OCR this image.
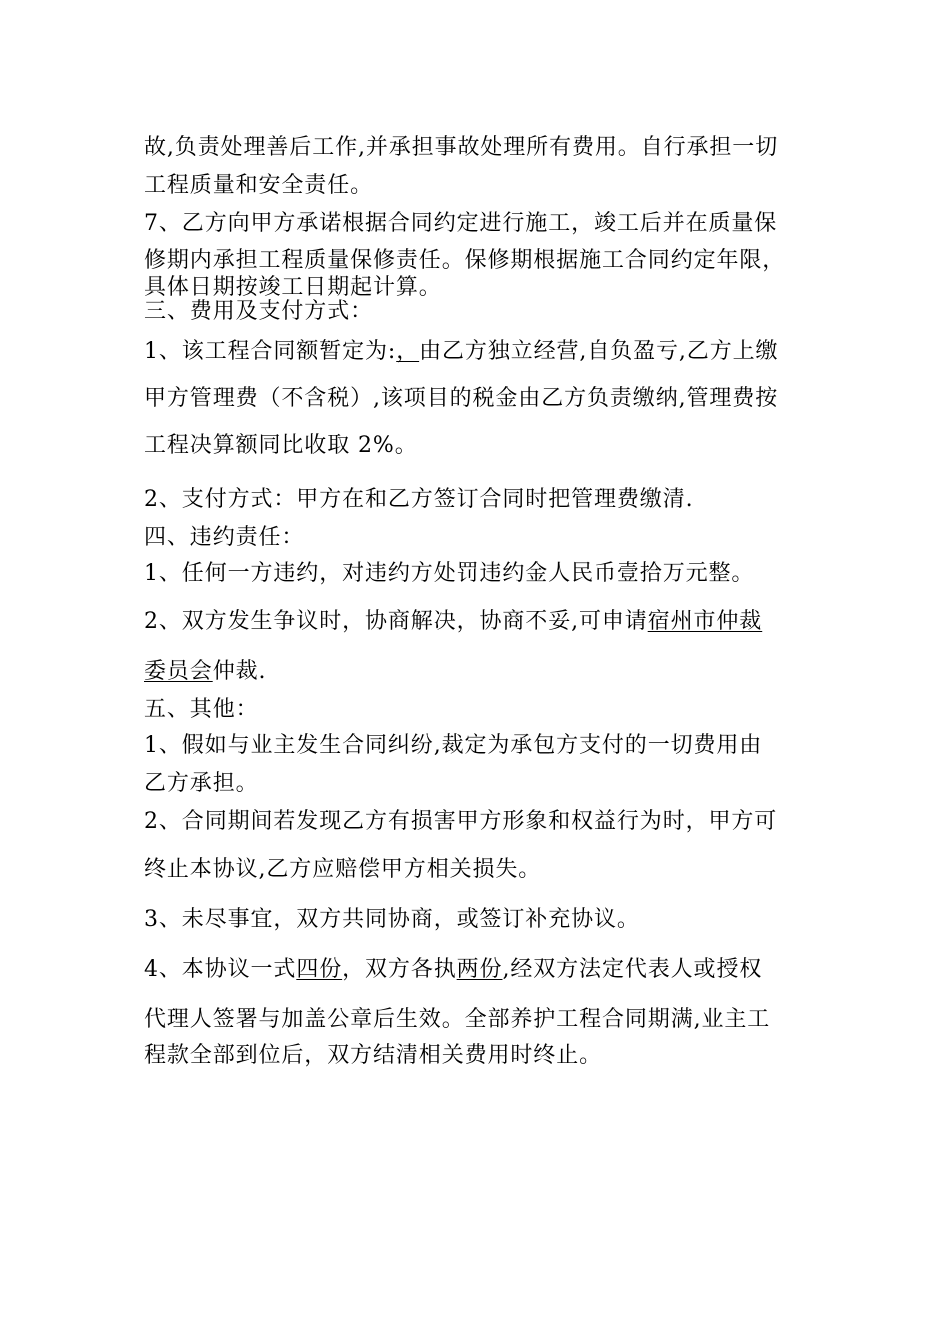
故,负责处理善后工作,并承担事故处理所有费用。自行承担一切
工程质量和安全责任。
7、乙方向甲方承诺根据合同约定进行施工，竣工后并在质量保
修期内承担工程质量保修责任。保修期根据施工合同约定年限，
具体日期按竣工日期起计算。
三、费用及支付方式：
1、该工程合同额暂定为:，由乙方独立经营,自负盈亏,乙方上缴
甲方管理费（不含税）,该项目的税金由乙方负责缴纳,管理费按
工程决算额同比收取 2%。
2、支付方式：甲方在和乙方签订合同时把管理费缴清.
四、违约责任：
1、任何一方违约，对违约方处罚违约金人民币壹拾万元整。
2、双方发生争议时，协商解决，协商不妥,可申请宿州市仲裁
委员会仲裁.
五、其他：
1、假如与业主发生合同纠纷,裁定为承包方支付的一切费用由
乙方承担。
2、合同期间若发现乙方有损害甲方形象和权益行为时，甲方可
终止本协议,乙方应赔偿甲方相关损失。
3、未尽事宜，双方共同协商，或签订补充协议。
4、本协议一式四份，双方各执两份,经双方法定代表人或授权
代理人签署与加盖公章后生效。全部养护工程合同期满,业主工
程款全部到位后，双方结清相关费用时终止。
